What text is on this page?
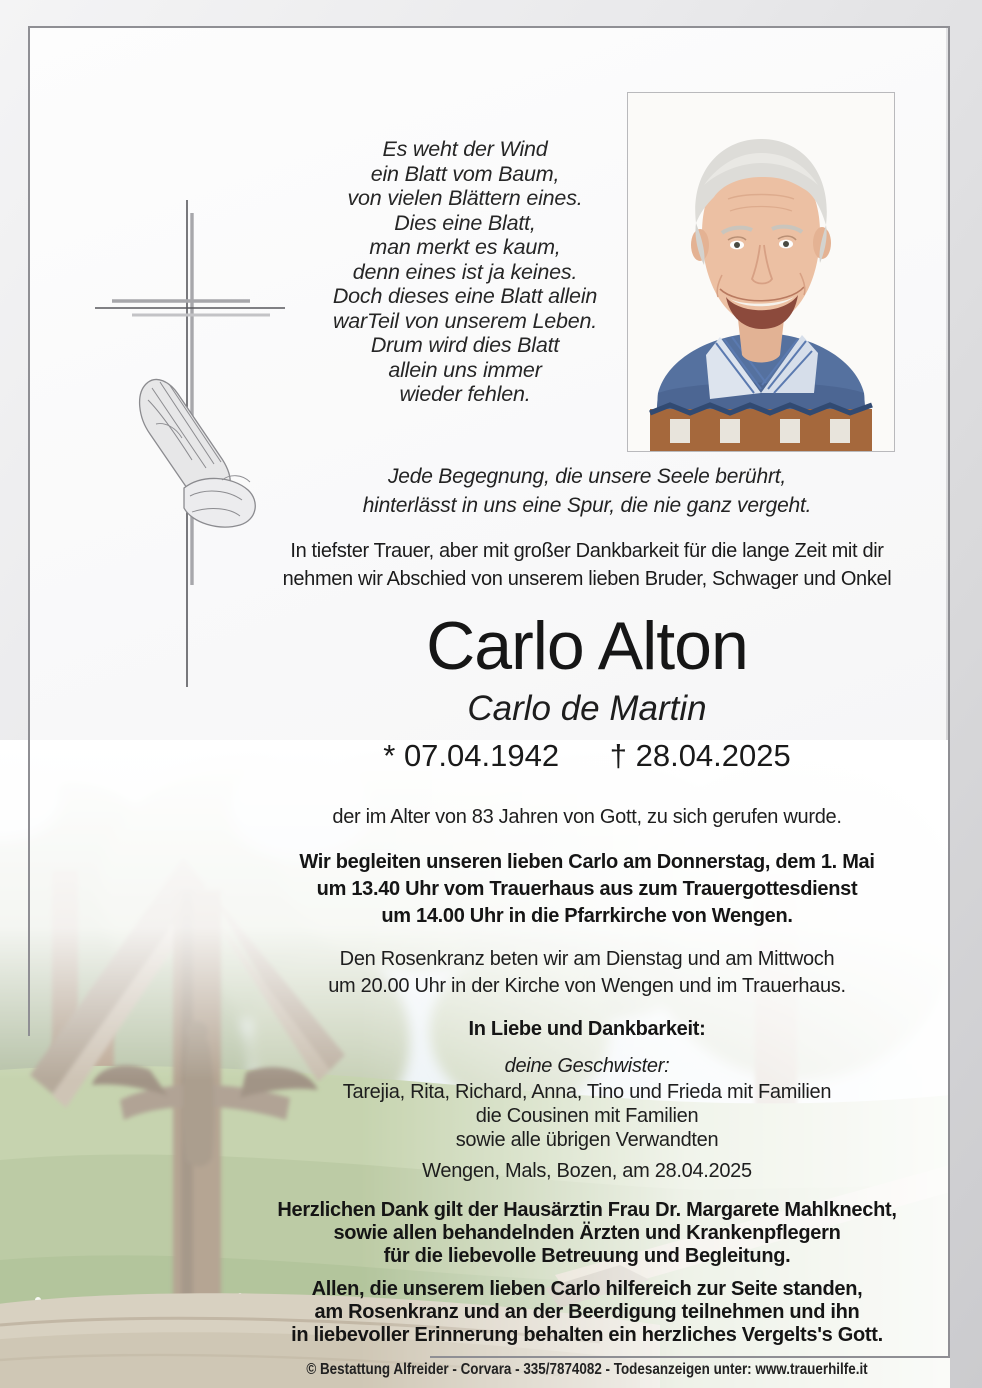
Es weht der Wind
ein Blatt vom Baum,
von vielen Blättern eines.
Dies eine Blatt,
man merkt es kaum,
denn eines ist ja keines.
Doch dieses eine Blatt allein
warTeil von unserem Leben.
Drum wird dies Blatt
allein uns immer
wieder fehlen.
Jede Begegnung, die unsere Seele berührt,
hinterlässt in uns eine Spur, die nie ganz vergeht.
In tiefster Trauer, aber mit großer Dankbarkeit für die lange Zeit mit dir
nehmen wir Abschied von unserem lieben Bruder, Schwager und Onkel
Carlo Alton
Carlo de Martin
* 07.04.1942 † 28.04.2025
der im Alter von 83 Jahren von Gott, zu sich gerufen wurde.
Wir begleiten unseren lieben Carlo am Donnerstag, dem 1. Mai
um 13.40 Uhr vom Trauerhaus aus zum Trauergottesdienst
um 14.00 Uhr in die Pfarrkirche von Wengen.
Den Rosenkranz beten wir am Dienstag und am Mittwoch
um 20.00 Uhr in der Kirche von Wengen und im Trauerhaus.
In Liebe und Dankbarkeit:
deine Geschwister:
Tarejia, Rita, Richard, Anna, Tino und Frieda mit Familien
die Cousinen mit Familien
sowie alle übrigen Verwandten
Wengen, Mals, Bozen, am 28.04.2025
Herzlichen Dank gilt der Hausärztin Frau Dr. Margarete Mahlknecht,
sowie allen behandelnden Ärzten und Krankenpflegern
für die liebevolle Betreuung und Begleitung.
Allen, die unserem lieben Carlo hilfereich zur Seite standen,
am Rosenkranz und an der Beerdigung teilnehmen und ihn
in liebevoller Erinnerung behalten ein herzliches Vergelts's Gott.
© Bestattung Alfreider - Corvara - 335/7874082 - Todesanzeigen unter: www.trauerhilfe.it
